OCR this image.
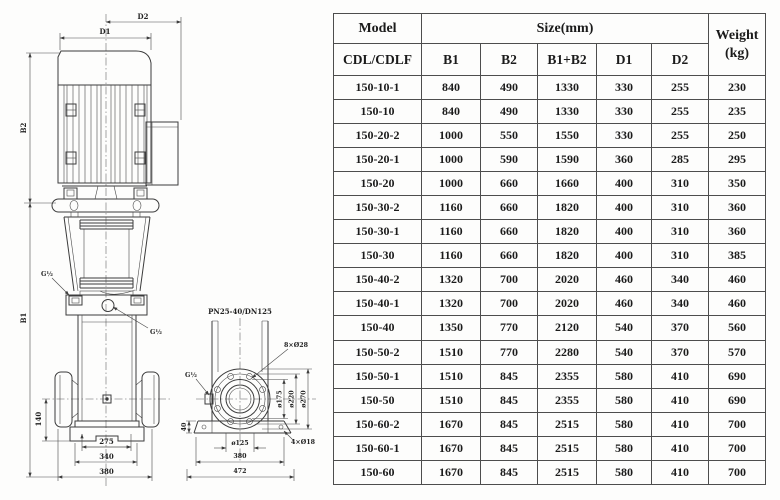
D2
D1
B2
B1
140
275
340
380
G½
G½
PN25-40/DN125
8×Ø28
G½
ø175 ø220 ø270
40
ø125
380
472
4×Ø18
Model	Size(mm)					Weight
(kg)

CDL/CDLF	B1	B2	B1+B2	D1	D2	
150-10-1	840	490	1330	330	255	230
150-10	840	490	1330	330	255	235
150-20-2	1000	550	1550	330	255	250
150-20-1	1000	590	1590	360	285	295
150-20	1000	660	1660	400	310	350
150-30-2	1160	660	1820	400	310	360
150-30-1	1160	660	1820	400	310	360
150-30	1160	660	1820	400	310	385
150-40-2	1320	700	2020	460	340	460
150-40-1	1320	700	2020	460	340	460
150-40	1350	770	2120	540	370	560
150-50-2	1510	770	2280	540	370	570
150-50-1	1510	845	2355	580	410	690
150-50	1510	845	2355	580	410	690
150-60-2	1670	845	2515	580	410	700
150-60-1	1670	845	2515	580	410	700
150-60	1670	845	2515	580	410	700
